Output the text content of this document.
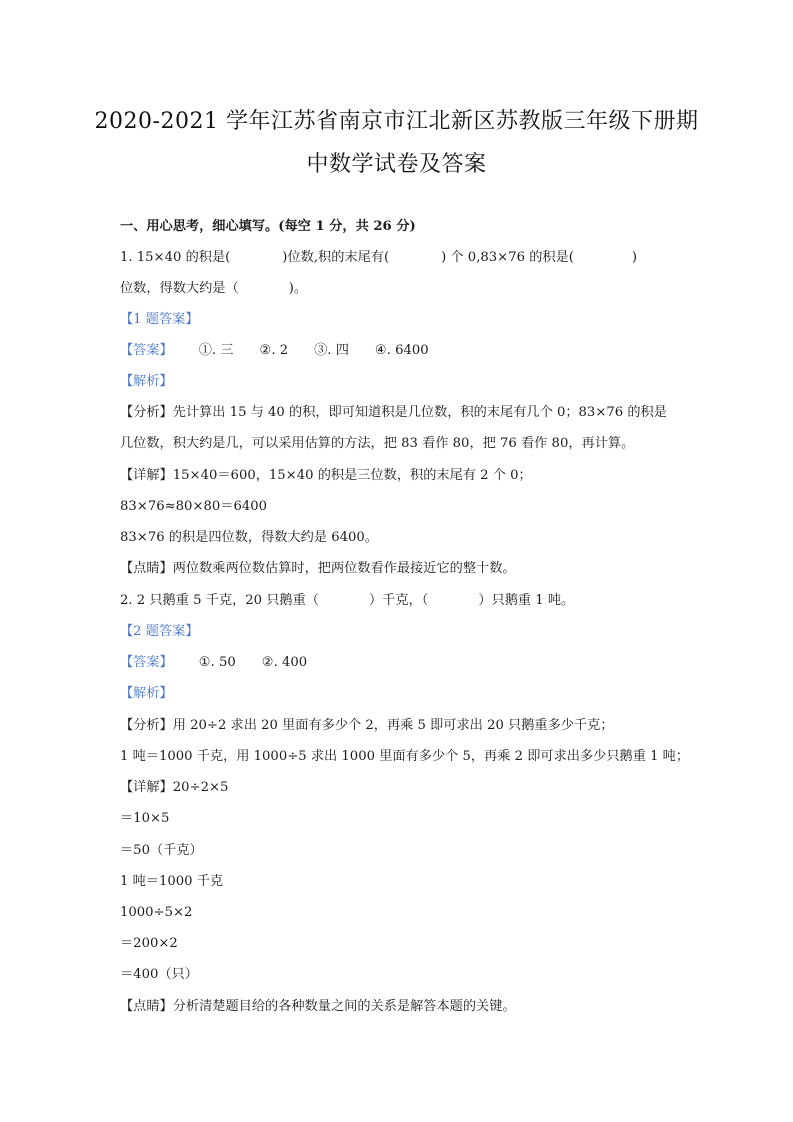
2020-2021 学年江苏省南京市江北新区苏教版三年级下册期
中数学试卷及答案
一、用心思考，细心填写。(每空 1 分，共 26 分)
1. 15×40 的积是(	)位数,积的末尾有(	) 个 0,83×76 的积是(	)
位数，得数大约是（	)。
【1 题答案】
【答案】 ①. 三 ②. 2 ③. 四 ④. 6400
【解析】
【分析】先计算出 15 与 40 的积，即可知道积是几位数，积的末尾有几个 0；83×76 的积是
几位数，积大约是几，可以采用估算的方法，把 83 看作 80，把 76 看作 80，再计算。
【详解】15×40＝600，15×40 的积是三位数，积的末尾有 2 个 0；
83×76≈80×80＝6400
83×76 的积是四位数，得数大约是 6400。
【点睛】两位数乘两位数估算时，把两位数看作最接近它的整十数。
2. 2 只鹅重 5 千克，20 只鹅重（	）千克，（	）只鹅重 1 吨。
【2 题答案】
【答案】 ①. 50 ②. 400
【解析】
【分析】用 20÷2 求出 20 里面有多少个 2，再乘 5 即可求出 20 只鹅重多少千克；
1 吨＝1000 千克，用 1000÷5 求出 1000 里面有多少个 5，再乘 2 即可求出多少只鹅重 1 吨；
【详解】20÷2×5
＝10×5
＝50（千克）
1 吨＝1000 千克
1000÷5×2
＝200×2
＝400（只）
【点睛】分析清楚题目给的各种数量之间的关系是解答本题的关键。
